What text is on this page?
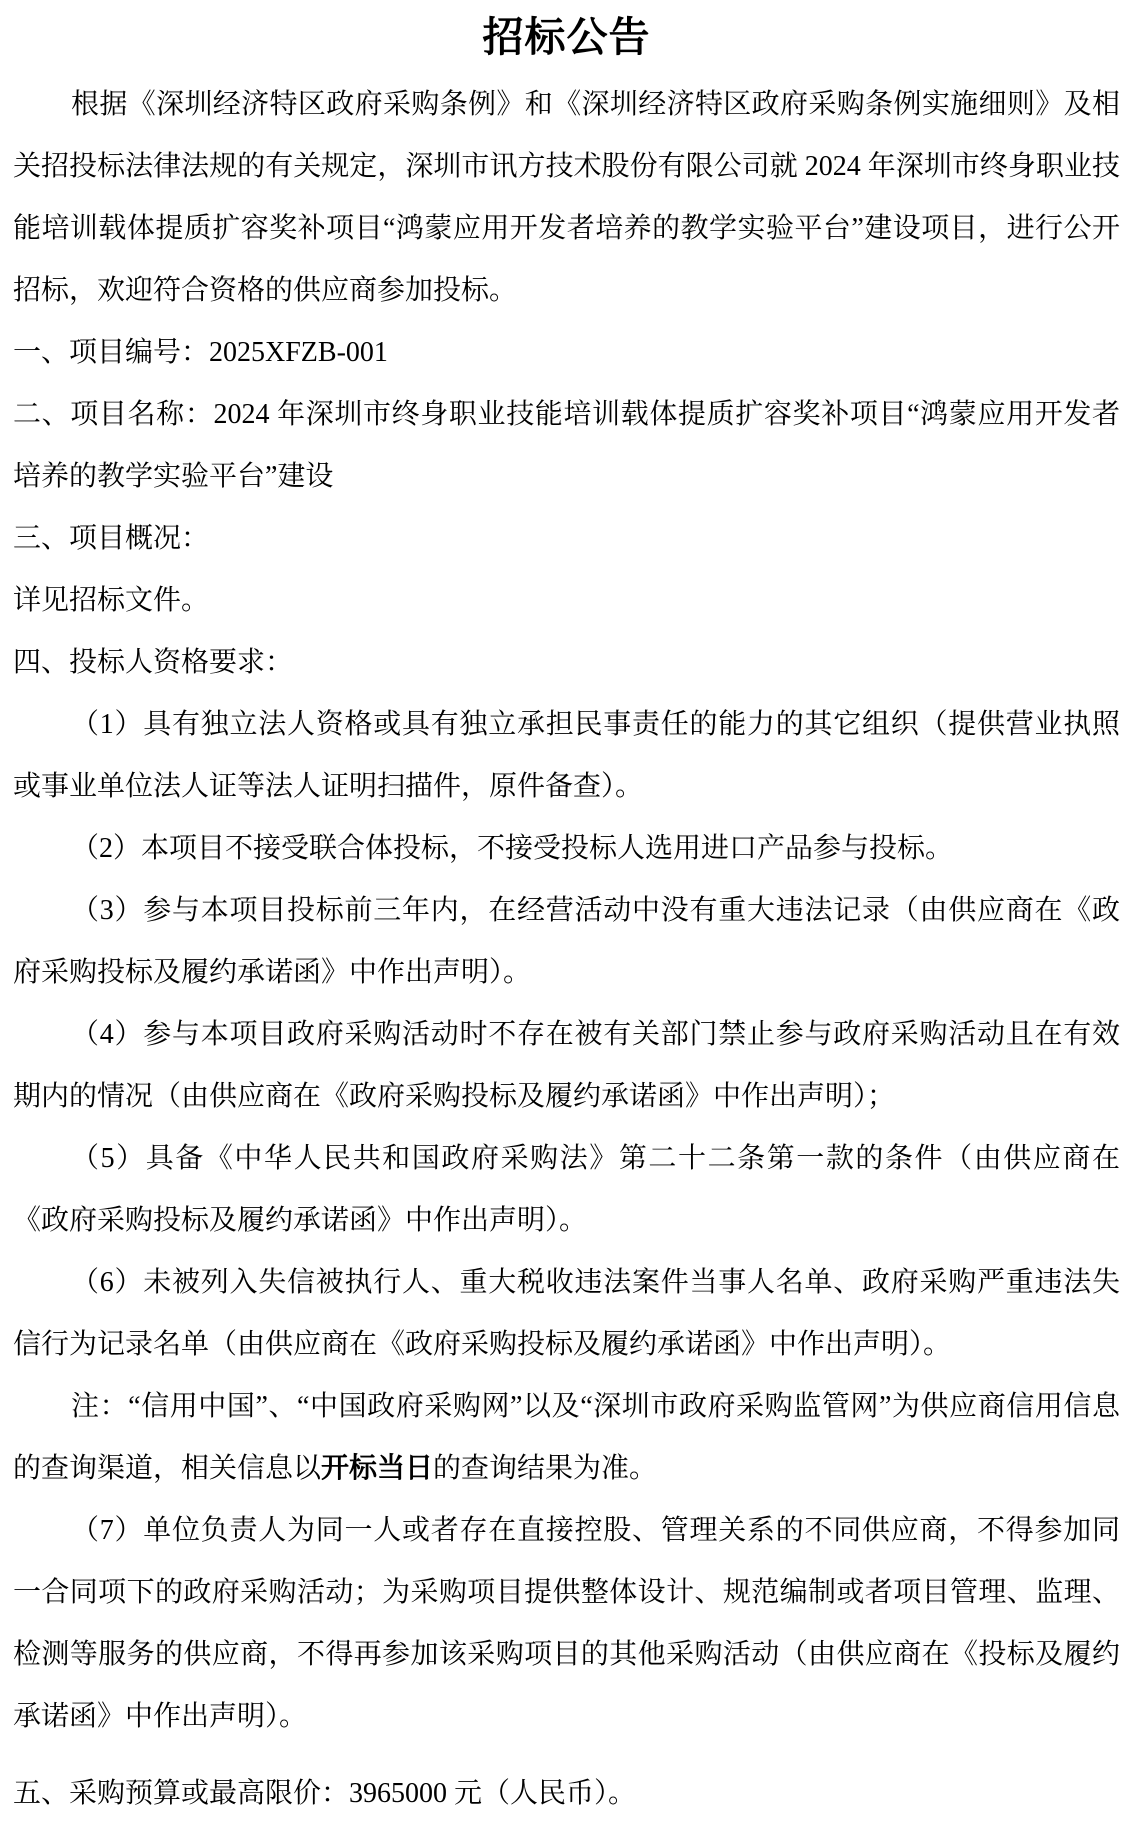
招标公告

根据《深圳经济特区政府采购条例》和《深圳经济特区政府采购条例实施细则》及相关招投标法律法规的有关规定，深圳市讯方技术股份有限公司就 2024 年深圳市终身职业技能培训载体提质扩容奖补项目“鸿蒙应用开发者培养的教学实验平台”建设项目，进行公开招标，欢迎符合资格的供应商参加投标。

一、项目编号：2025XFZB-001

二、项目名称：2024 年深圳市终身职业技能培训载体提质扩容奖补项目“鸿蒙应用开发者培养的教学实验平台”建设

三、项目概况：

详见招标文件。

四、投标人资格要求：

（1）具有独立法人资格或具有独立承担民事责任的能力的其它组织（提供营业执照或事业单位法人证等法人证明扫描件，原件备查）。

（2）本项目不接受联合体投标，不接受投标人选用进口产品参与投标。

（3）参与本项目投标前三年内，在经营活动中没有重大违法记录（由供应商在《政府采购投标及履约承诺函》中作出声明）。

（4）参与本项目政府采购活动时不存在被有关部门禁止参与政府采购活动且在有效期内的情况（由供应商在《政府采购投标及履约承诺函》中作出声明）；

（5）具备《中华人民共和国政府采购法》第二十二条第一款的条件（由供应商在《政府采购投标及履约承诺函》中作出声明）。

（6）未被列入失信被执行人、重大税收违法案件当事人名单、政府采购严重违法失信行为记录名单（由供应商在《政府采购投标及履约承诺函》中作出声明）。

注：“信用中国”、“中国政府采购网”以及“深圳市政府采购监管网”为供应商信用信息的查询渠道，相关信息以开标当日的查询结果为准。

（7）单位负责人为同一人或者存在直接控股、管理关系的不同供应商，不得参加同一合同项下的政府采购活动；为采购项目提供整体设计、规范编制或者项目管理、监理、检测等服务的供应商，不得再参加该采购项目的其他采购活动（由供应商在《投标及履约承诺函》中作出声明）。

五、采购预算或最高限价：3965000 元（人民币）。
